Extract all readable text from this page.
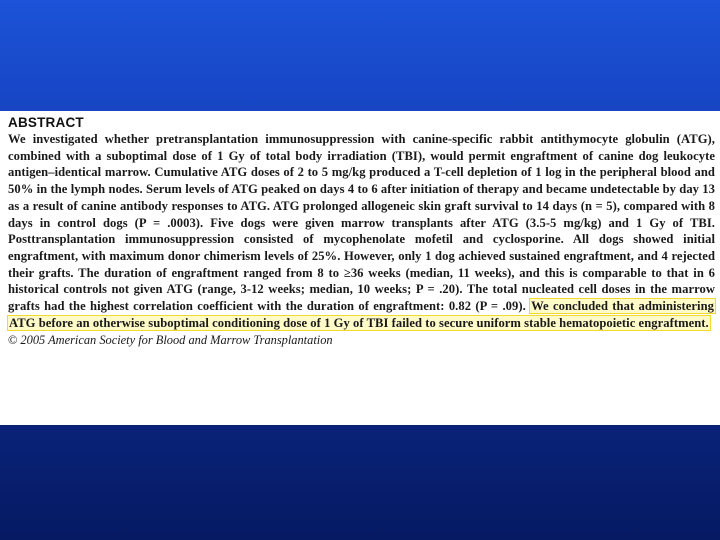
ABSTRACT

We investigated whether pretransplantation immunosuppression with canine-specific rabbit antithymocyte globulin (ATG), combined with a suboptimal dose of 1 Gy of total body irradiation (TBI), would permit engraftment of canine dog leukocyte antigen–identical marrow. Cumulative ATG doses of 2 to 5 mg/kg produced a T-cell depletion of 1 log in the peripheral blood and 50% in the lymph nodes. Serum levels of ATG peaked on days 4 to 6 after initiation of therapy and became undetectable by day 13 as a result of canine antibody responses to ATG. ATG prolonged allogeneic skin graft survival to 14 days (n = 5), compared with 8 days in control dogs (P = .0003). Five dogs were given marrow transplants after ATG (3.5-5 mg/kg) and 1 Gy of TBI. Posttransplantation immunosuppression consisted of mycophenolate mofetil and cyclosporine. All dogs showed initial engraftment, with maximum donor chimerism levels of 25%. However, only 1 dog achieved sustained engraftment, and 4 rejected their grafts. The duration of engraftment ranged from 8 to ≥36 weeks (median, 11 weeks), and this is comparable to that in 6 historical controls not given ATG (range, 3-12 weeks; median, 10 weeks; P = .20). The total nucleated cell doses in the marrow grafts had the highest correlation coefficient with the duration of engraftment: 0.82 (P = .09). We concluded that administering ATG before an otherwise suboptimal conditioning dose of 1 Gy of TBI failed to secure uniform stable hematopoietic engraftment.

© 2005 American Society for Blood and Marrow Transplantation
